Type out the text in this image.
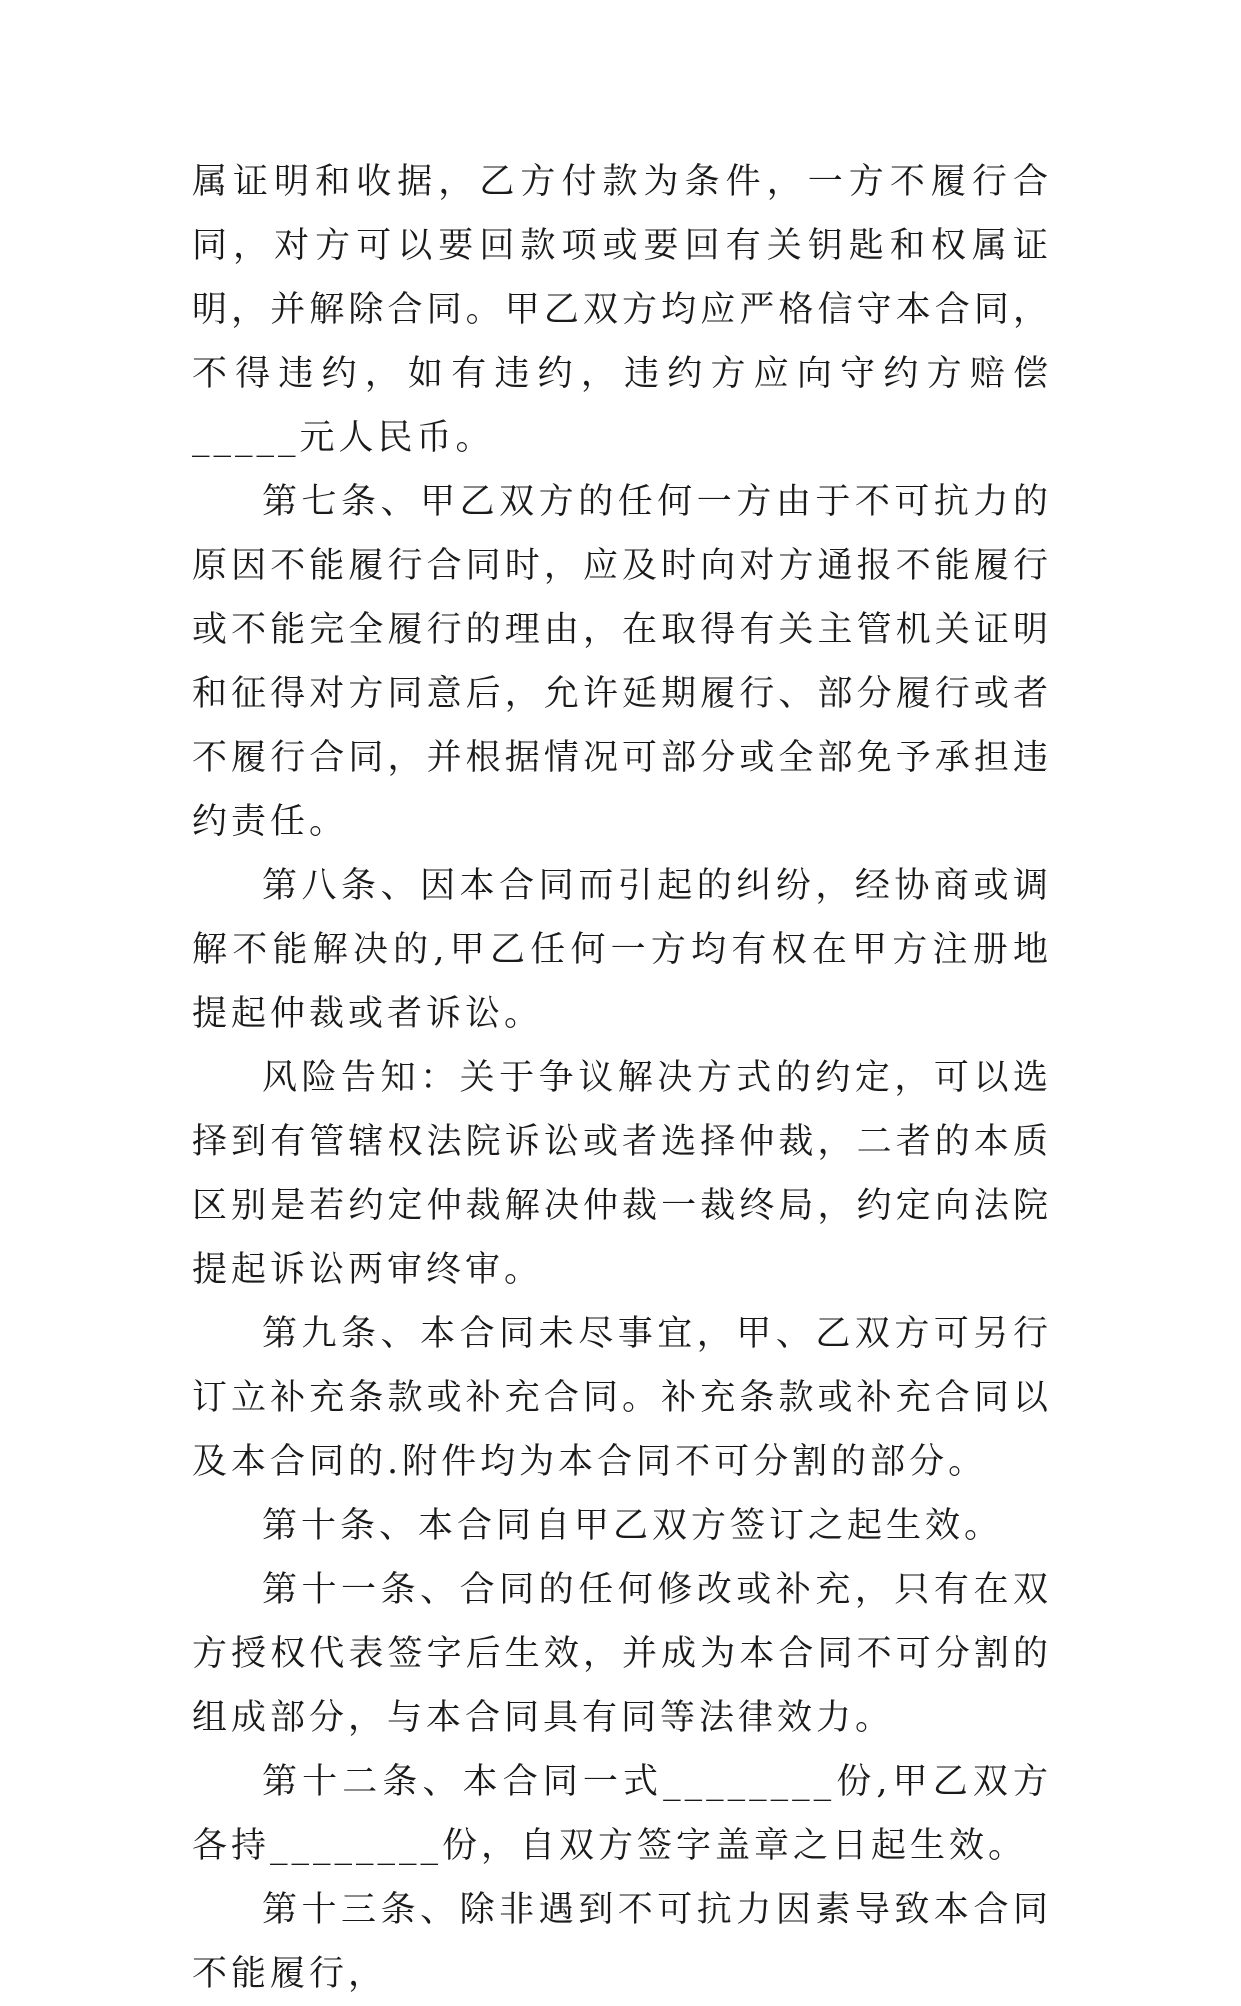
属证明和收据，乙方付款为条件，一方不履行合同，对方可以要回款项或要回有关钥匙和权属证明，并解除合同。甲乙双方均应严格信守本合同，不得违约，如有违约，违约方应向守约方赔偿_____元人民币。

第七条、甲乙双方的任何一方由于不可抗力的原因不能履行合同时，应及时向对方通报不能履行或不能完全履行的理由，在取得有关主管机关证明和征得对方同意后，允许延期履行、部分履行或者不履行合同，并根据情况可部分或全部免予承担违约责任。

第八条、因本合同而引起的纠纷，经协商或调解不能解决的,甲乙任何一方均有权在甲方注册地提起仲裁或者诉讼。

风险告知：关于争议解决方式的约定，可以选择到有管辖权法院诉讼或者选择仲裁，二者的本质区别是若约定仲裁解决仲裁一裁终局，约定向法院提起诉讼两审终审。

第九条、本合同未尽事宜，甲、乙双方可另行订立补充条款或补充合同。补充条款或补充合同以及本合同的.附件均为本合同不可分割的部分。

第十条、本合同自甲乙双方签订之起生效。

第十一条、合同的任何修改或补充，只有在双方授权代表签字后生效，并成为本合同不可分割的组成部分，与本合同具有同等法律效力。

第十二条、本合同一式________份,甲乙双方各持________份，自双方签字盖章之日起生效。

第十三条、除非遇到不可抗力因素导致本合同不能履行，
